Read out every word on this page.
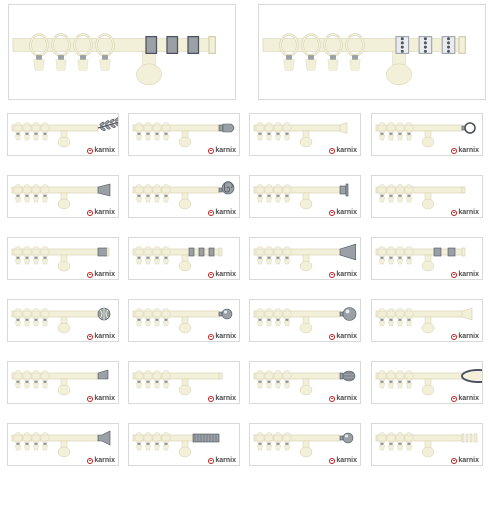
karnix	karnix	karnix	karnix
karnix	karnix	karnix	karnix
karnix	karnix	karnix	karnix
karnix	karnix	karnix	karnix
karnix	karnix	karnix	karnix
karnix	karnix	karnix	karnix
